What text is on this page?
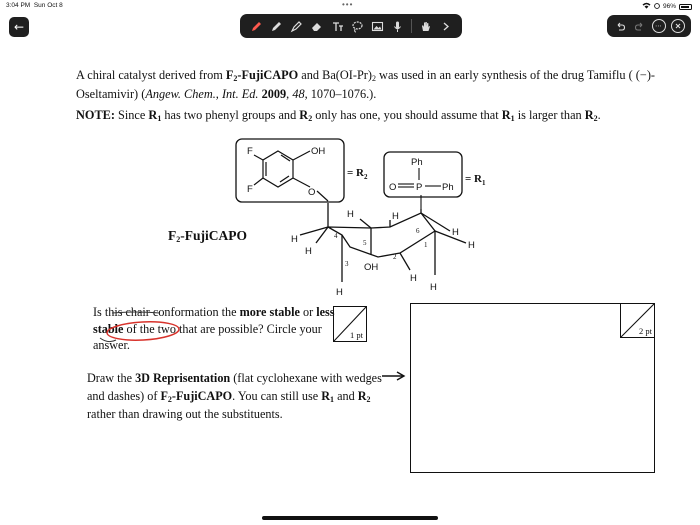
3:04 PM Sun Oct 8	•••	96%
←	⋯
A chiral catalyst derived from $F_2$-FujiCAPO and $Ba(OI-Pr)_2$ was used in an early synthesis of the drug Tamiflu ( (−)-Oseltamivir) (Angew. Chem., Int. Ed. 2009, 48, 1070–1076.).
NOTE: Since $R_1$ has two phenyl groups and $R_2$ only has one, you should assume that $R_1$ is larger than $R_2$.
$F_2$-FujiCAPO
OH
O
F
F
= $R_2$
Ph
P
O	Ph
= $R_1$
H
H
H
H	H
H
H
H
H
OH
1
2
3
4
5
6
Is this chair conformation the more stable or less stable of the two that are possible? Circle your answer.
1 pt
Draw the 3D Reprisentation (flat cyclohexane with wedges and dashes) of $F_2$-FujiCAPO. You can still use $R_1$ and $R_2$ rather than drawing out the substituents.
2 pt
